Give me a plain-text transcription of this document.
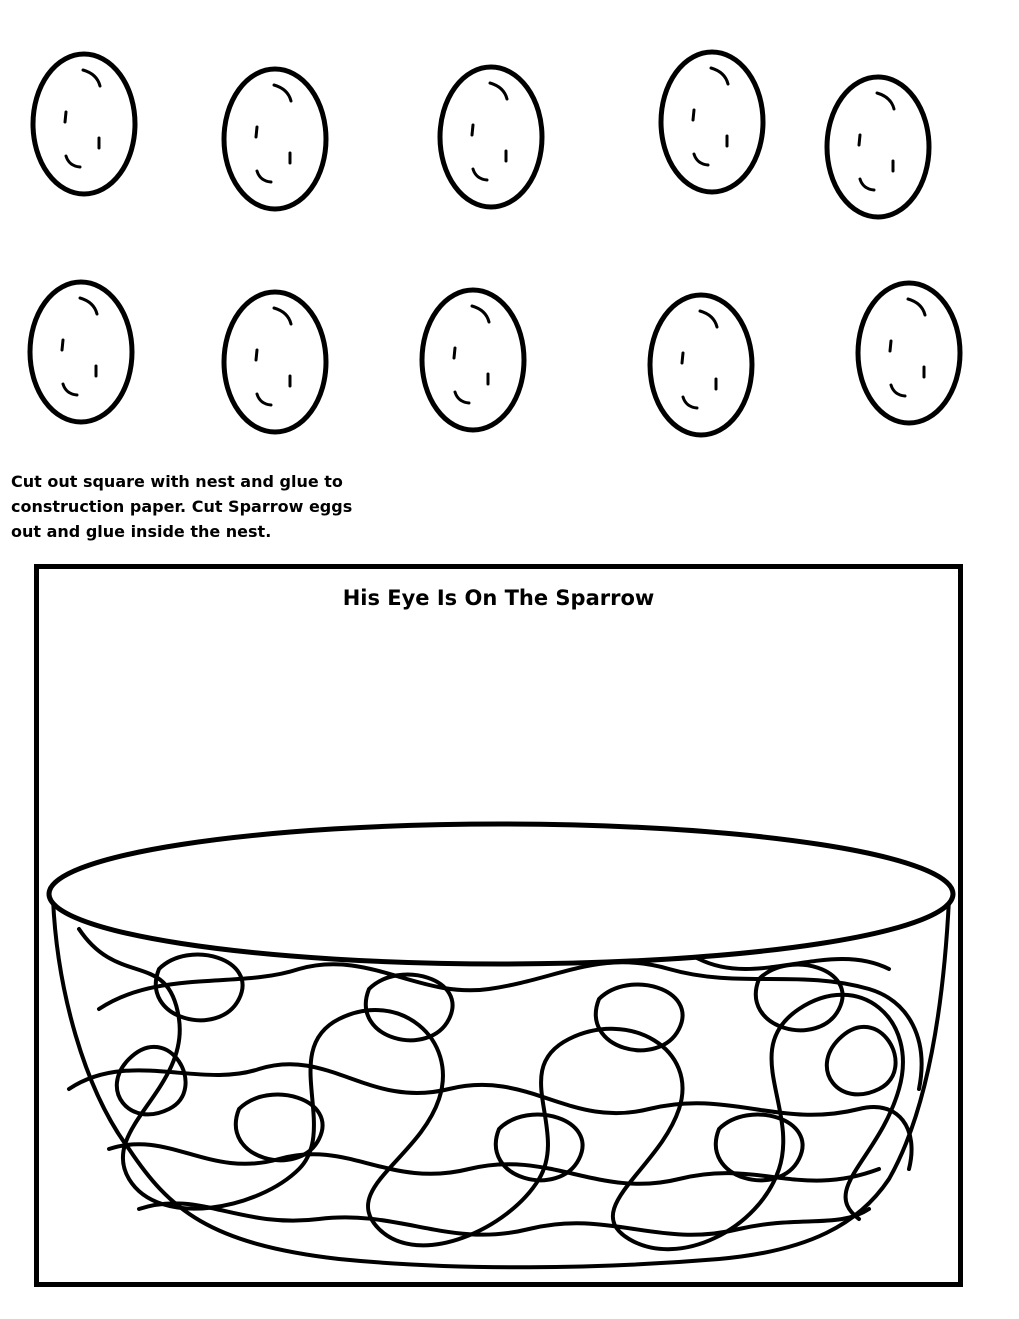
Cut out square with nest and glue to
construction paper. Cut Sparrow eggs
out and glue inside the nest.
His Eye Is On The Sparrow
